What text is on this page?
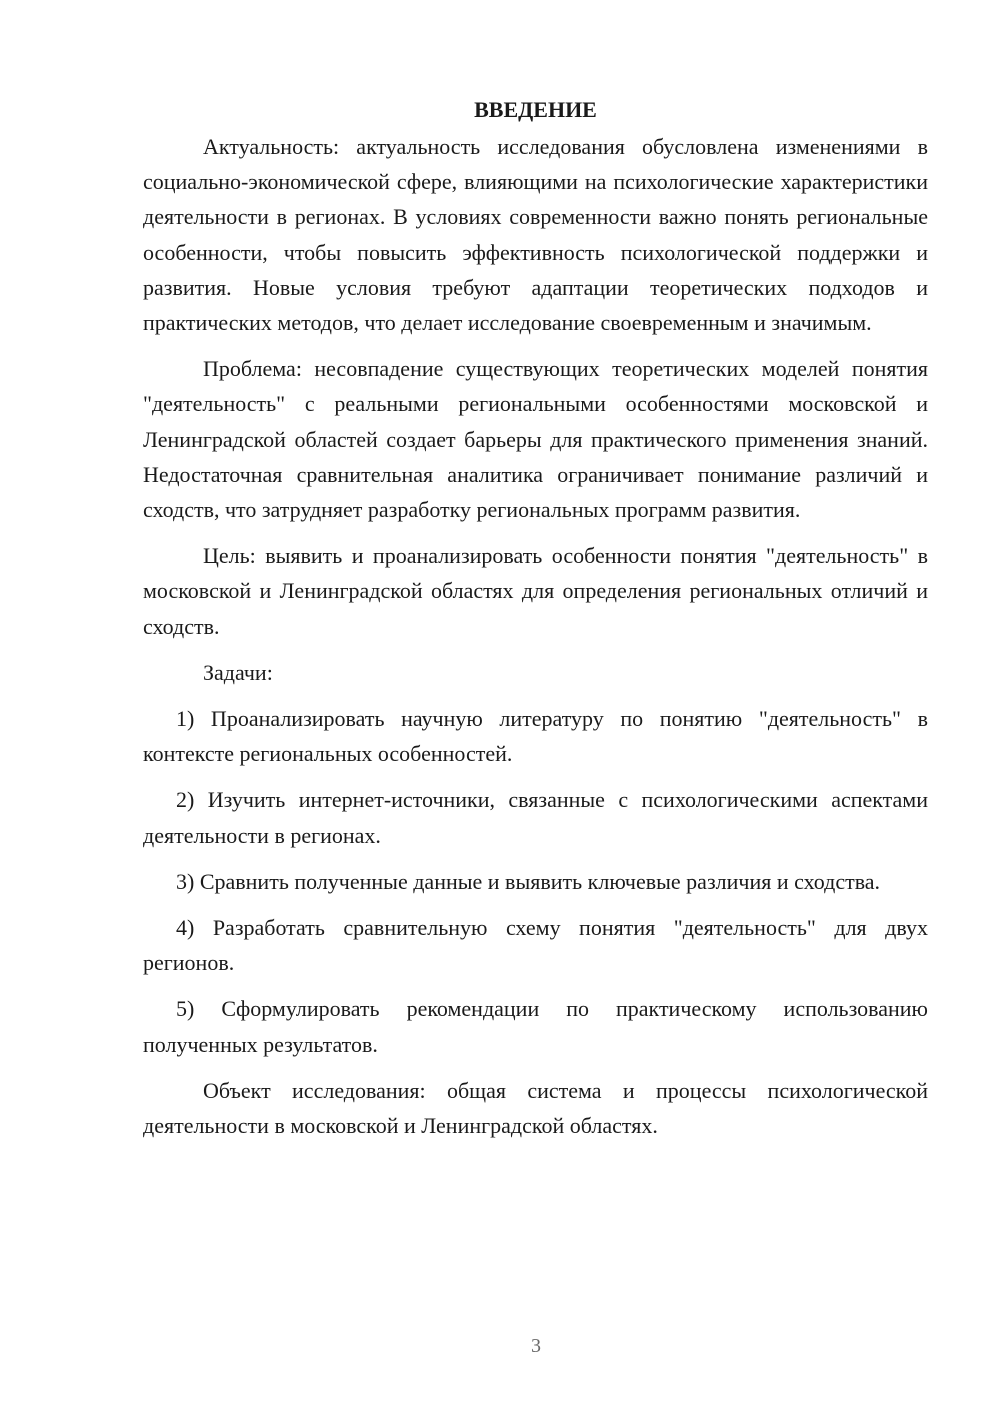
ВВЕДЕНИЕ

Актуальность: актуальность исследования обусловлена изменениями в социально-экономической сфере, влияющими на психологические характеристики деятельности в регионах. В условиях современности важно понять региональные особенности, чтобы повысить эффективность психологической поддержки и развития. Новые условия требуют адаптации теоретических подходов и практических методов, что делает исследование своевременным и значимым.

Проблема: несовпадение существующих теоретических моделей понятия "деятельность" с реальными региональными особенностями московской и Ленинградской областей создает барьеры для практического применения знаний. Недостаточная сравнительная аналитика ограничивает понимание различий и сходств, что затрудняет разработку региональных программ развития.

Цель: выявить и проанализировать особенности понятия "деятельность" в московской и Ленинградской областях для определения региональных отличий и сходств.

Задачи:

1) Проанализировать научную литературу по понятию "деятельность" в контексте региональных особенностей.

2) Изучить интернет-источники, связанные с психологическими аспектами деятельности в регионах.

3) Сравнить полученные данные и выявить ключевые различия и сходства.

4) Разработать сравнительную схему понятия "деятельность" для двух регионов.

5) Сформулировать рекомендации по практическому использованию полученных результатов.

Объект исследования: общая система и процессы психологической деятельности в московской и Ленинградской областях.

3
